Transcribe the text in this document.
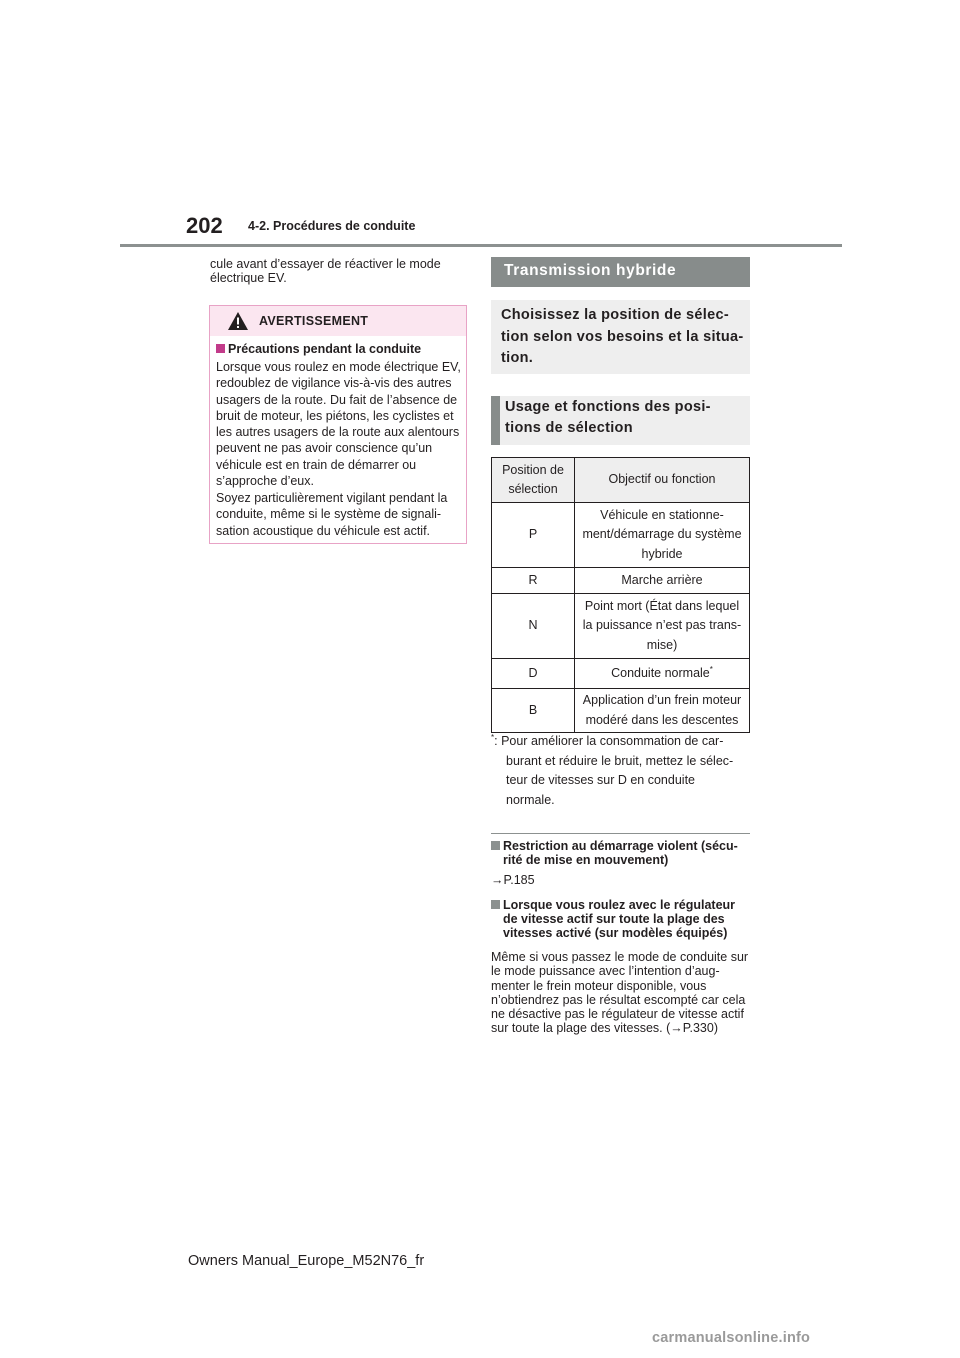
202 4-2. Procédures de conduite
cule avant d’essayer de réactiver le mode électrique EV.
AVERTISSEMENT
Précautions pendant la conduite
Lorsque vous roulez en mode électrique EV, redoublez de vigilance vis-à-vis des autres usagers de la route. Du fait de l’absence de bruit de moteur, les piétons, les cyclistes et les autres usagers de la route aux alentours peuvent ne pas avoir conscience qu’un véhicule est en train de démarrer ou s’approche d’eux.
Soyez particulièrement vigilant pendant la conduite, même si le système de signali-sation acoustique du véhicule est actif.
Transmission hybride
Choisissez la position de sélec-tion selon vos besoins et la situa-tion.
Usage et fonctions des posi-tions de sélection
Position de sélection	Objectif ou fonction
P	Véhicule en stationne-ment/démarrage du système hybride
R	Marche arrière
N	Point mort (État dans lequel la puissance n’est pas trans-mise)
D	Conduite normale*
B	Application d’un frein moteur modéré dans les descentes
*: Pour améliorer la consommation de car-
burant et réduire le bruit, mettez le sélec-
teur de vitesses sur D en conduite
normale.
Restriction au démarrage violent (sécu-rité de mise en mouvement)
→P.185
Lorsque vous roulez avec le régulateur de vitesse actif sur toute la plage des vitesses activé (sur modèles équipés)
Même si vous passez le mode de conduite sur le mode puissance avec l’intention d’aug-menter le frein moteur disponible, vous n’obtiendrez pas le résultat escompté car cela ne désactive pas le régulateur de vitesse actif sur toute la plage des vitesses. (→P.330)
Owners Manual_Europe_M52N76_fr
carmanualsonline.info
